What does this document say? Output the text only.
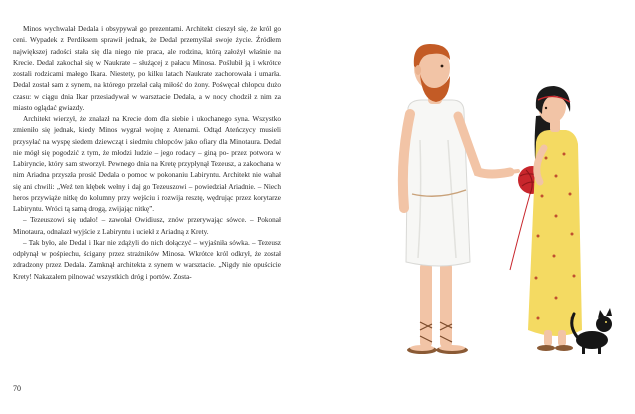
Minos wychwalał Dedala i obsypywał go prezentami. Architekt cieszył się, że król go ceni. Wypadek z Perdiksem sprawił jednak, że Dedal przemyślał swoje życie. Źródłem największej radości stała się dla niego nie praca, ale rodzina, którą założył właśnie na Krecie. Dedal zakochał się w Naukrate – służącej z pałacu Minosa. Poślubił ją i wkrótce zostali rodzicami małego Ikara. Niestety, po kilku latach Naukrate zachorowała i umarła. Dedal został sam z synem, na którego przelał całą miłość do żony. Pośwęcał chłopcu dużo czasu: w ciągu dnia Ikar przesiadywał w warsztacie Dedala, a w nocy chodził z nim za miasto oglądać gwiazdy.

Architekt wierzył, że znalazł na Krecie dom dla siebie i ukochanego syna. Wszystko zmieniło się jednak, kiedy Minos wygrał wojnę z Atenami. Odtąd Ateńczycy musieli przysyłać na wyspę siedem dziewcząt i siedmiu chłopców jako ofiary dla Minotaura. Dedal nie mógł się pogodzić z tym, że młodzi ludzie – jego rodacy – giną po- przez potwora w Labiryncie, który sam stworzył. Pewnego dnia na Kretę przypłynął Tezeusz, a zakochana w nim Ariadna przyszła prosić Dedala o pomoc w pokonaniu Labiryntu. Architekt nie wahał się ani chwili: „Weź ten kłębek wełny i daj go Tezeuszowi – powiedział Ariadnie. – Niech heros przywiąże nitkę do kolumny przy wejściu i rozwija resztę, wędrując przez korytarze Labiryntu. Wróci tą samą drogą, zwijając nitkę”.

– Tezeuszowi się udało! – zawołał Owidiusz, znów przerywając sówce. – Pokonał Minotaura, odnalazł wyjście z Labiryntu i uciekł z Ariadną z Krety.

– Tak było, ale Dedal i Ikar nie zdążyli do nich dołączyć – wyjaśniła sówka. – Tezeusz odpłynął w pośpiechu, ścigany przez strażników Minosa. Wkrótce król odkrył, że został zdradzony przez Dedala. Zamknął architekta z synem w warsztacie. „Nigdy nie opuścicie Krety! Nakazałem pilnować wszystkich dróg i portów. Zosta-

70
